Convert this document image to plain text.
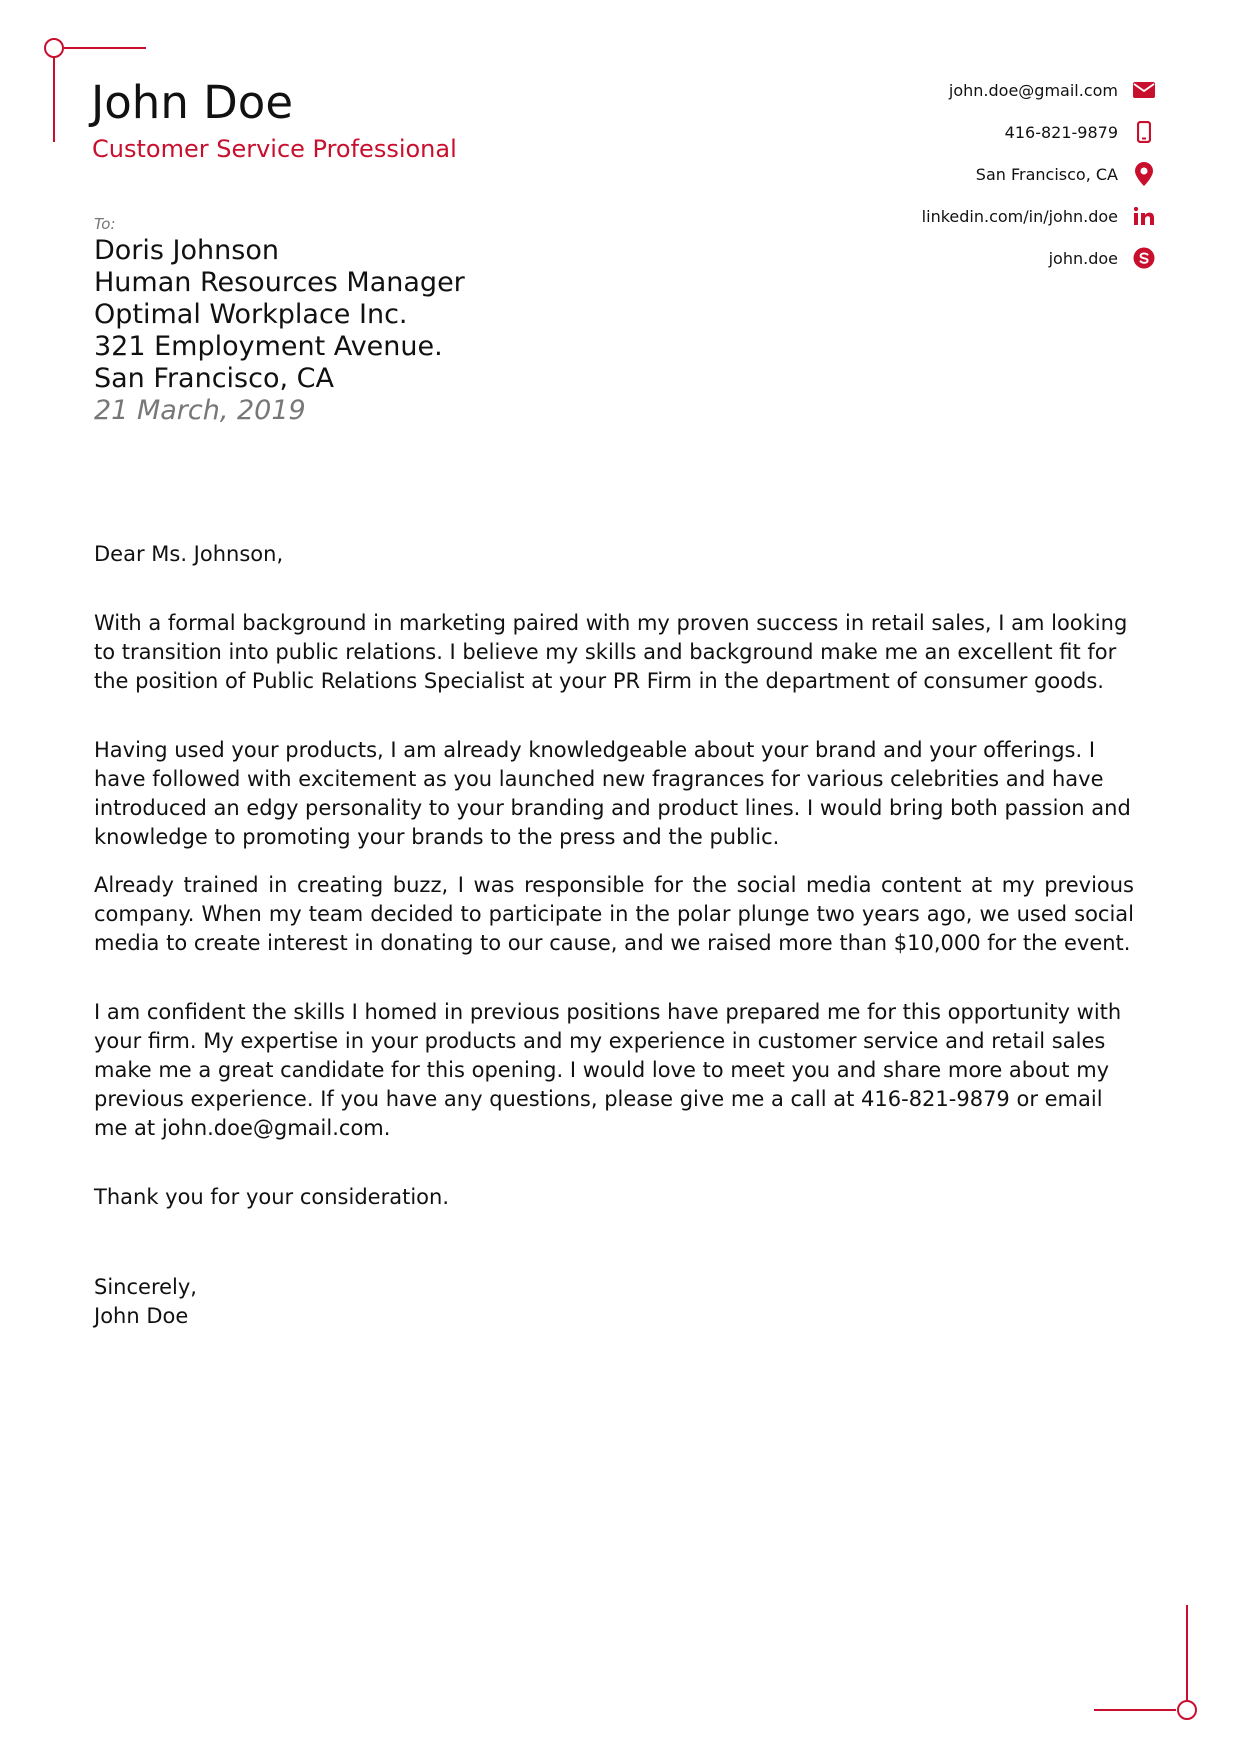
John Doe
Customer Service Professional
john.doe@gmail.com
416-821-9879
San Francisco, CA
linkedin.com/in/john.doe
john.doe
To:
Doris Johnson
Human Resources Manager
Optimal Workplace Inc.
321 Employment Avenue.
San Francisco, CA
21 March, 2019
Dear Ms. Johnson,
With a formal background in marketing paired with my proven success in retail sales, I am looking to transition into public relations. I believe my skills and background make me an excellent fit for the position of Public Relations Specialist at your PR Firm in the department of consumer goods.
Having used your products, I am already knowledgeable about your brand and your offerings. I have followed with excitement as you launched new fragrances for various celebrities and have introduced an edgy personality to your branding and product lines. I would bring both passion and knowledge to promoting your brands to the press and the public.
Already trained in creating buzz, I was responsible for the social media content at my previous company. When my team decided to participate in the polar plunge two years ago, we used social media to create interest in donating to our cause, and we raised more than $10,000 for the event.
I am confident the skills I homed in previous positions have prepared me for this opportunity with your firm. My expertise in your products and my experience in customer service and retail sales make me a great candidate for this opening. I would love to meet you and share more about my previous experience. If you have any questions, please give me a call at 416-821-9879 or email me at john.doe@gmail.com.
Thank you for your consideration.
Sincerely,
John Doe
